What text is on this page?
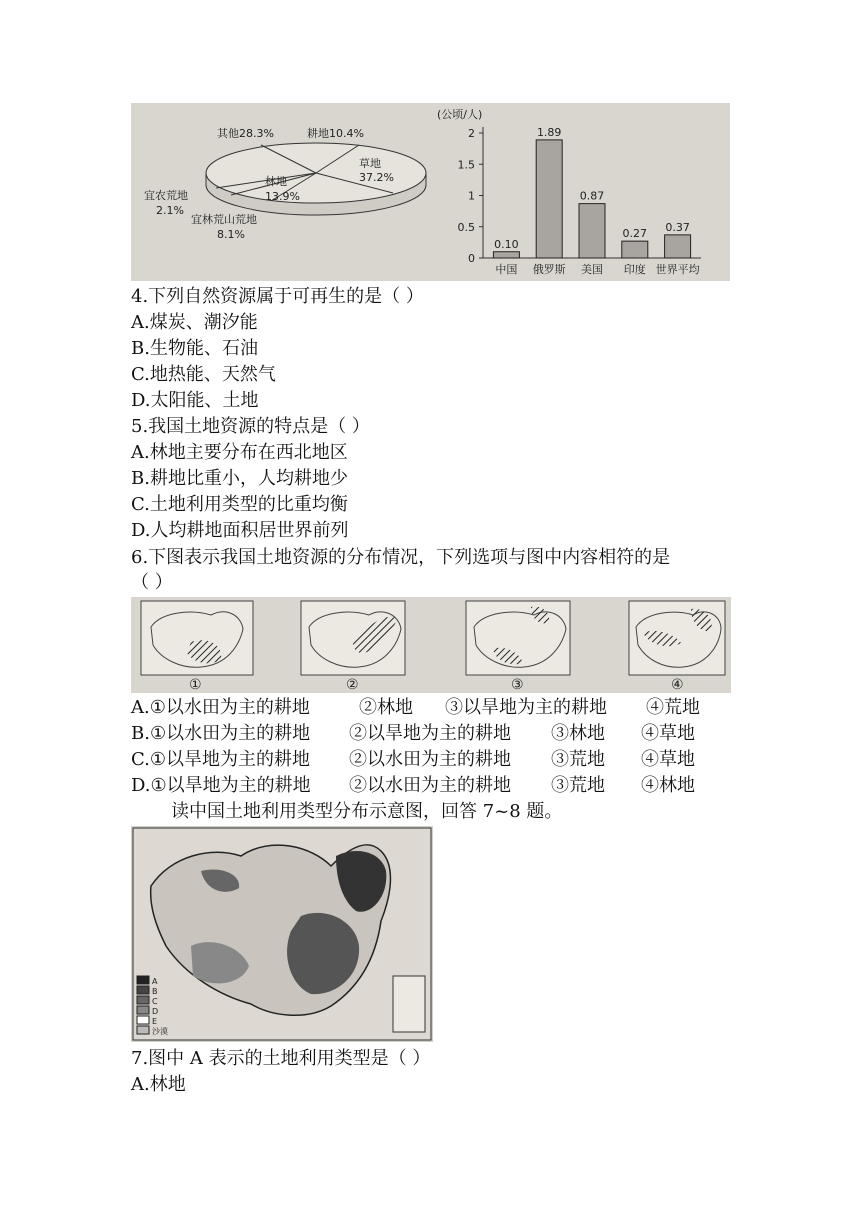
其他28.3%	耕地10.4%
草地
37.2%
林地
13.9%
宜农荒地
2.1%
宜林荒山荒地
8.1%
(公顷/人)
0
0.5
1
1.5
2
0.10
中国
1.89
俄罗斯
0.87
美国
0.27
印度
0.37
世界平均
4.下列自然资源属于可再生的是（ ）
A.煤炭、潮汐能
B.生物能、石油
C.地热能、天然气
D.太阳能、土地
5.我国土地资源的特点是（ ）
A.林地主要分布在西北地区
B.耕地比重小，人均耕地少
C.土地利用类型的比重均衡
D.人均耕地面积居世界前列
6.下图表示我国土地资源的分布情况，下列选项与图中内容相符的是
（ ）
①	②	③	④
A.①以水田为主的耕地	②林地 ③以旱地为主的耕地 ④荒地
B.①以水田为主的耕地 ②以旱地为主的耕地 ③林地 ④草地
C.①以旱地为主的耕地 ②以水田为主的耕地 ③荒地 ④草地
D.①以旱地为主的耕地 ②以水田为主的耕地 ③荒地 ④林地
读中国土地利用类型分布示意图，回答 7~8 题。
A
B
C
D
E
沙漠
7.图中 A 表示的土地利用类型是（ ）
A.林地
